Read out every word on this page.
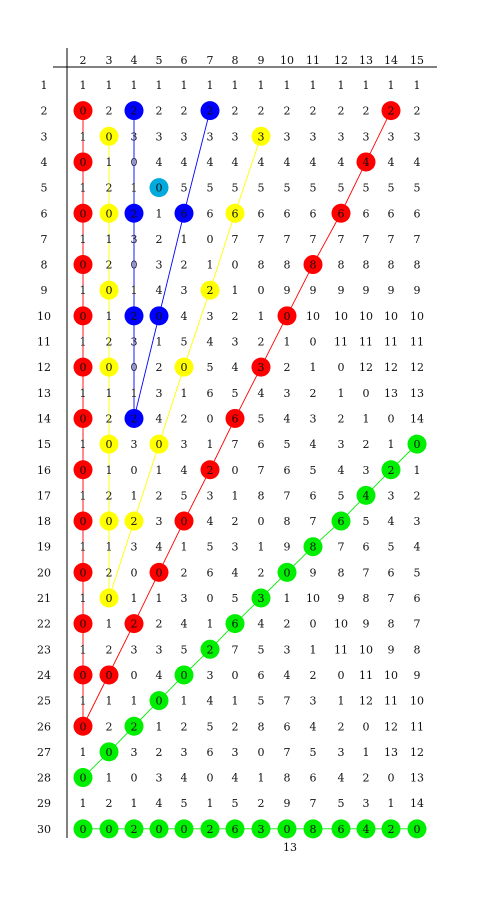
2 3 4 5 6 7 8 9 10 11 12 13 14 15
1	1 1 1 1 1 1 1 1 1 1 1 1 1 1
2	0 2 2 2 2 2 2 2 2 2 2 2 2 2
3	1 0 3 3 3 3 3 3 3 3 3 3 3 3
4	0 1 0 4 4 4 4 4 4 4 4 4 4 4
5	1 2 1 0 5 5 5 5 5 5 5 5 5 5
6	0 0 2 1 6 6 6 6 6 6 6 6 6 6
7	1 1 3 2 1 0 7 7 7 7 7 7 7 7
8	0 2 0 3 2 1 0 8 8 8 8 8 8 8
9	1 0 1 4 3 2 1 0 9 9 9 9 9 9
10	0 1 2 0 4 3 2 1 0 10 10 10 10 10
11	1 2 3 1 5 4 3 2 1 0 11 11 11 11
12	0 0 0 2 0 5 4 3 2 1 0 12 12 12
13	1 1 1 3 1 6 5 4 3 2 1 0 13 13
14	0 2 2 4 2 0 6 5 4 3 2 1 0 14
15	1 0 3 0 3 1 7 6 5 4 3 2 1 0
16	0 1 0 1 4 2 0 7 6 5 4 3 2 1
17	1 2 1 2 5 3 1 8 7 6 5 4 3 2
18	0 0 2 3 0 4 2 0 8 7 6 5 4 3
19	1 1 3 4 1 5 3 1 9 8 7 6 5 4
20	0 2 0 0 2 6 4 2 0 9 8 7 6 5
21	1 0 1 1 3 0 5 3 1 10 9 8 7 6
22	0 1 2 2 4 1 6 4 2 0 10 9 8 7
23	1 2 3 3 5 2 7 5 3 1 11 10 9 8
24	0 0 0 4 0 3 0 6 4 2 0 11 10 9
25	1 1 1 0 1 4 1 5 7 3 1 12 11 10
26	0 2 2 1 2 5 2 8 6 4 2 0 12 11
27	1 0 3 2 3 6 3 0 7 5 3 1 13 12
28	0 1 0 3 4 0 4 1 8 6 4 2 0 13
29	1 2 1 4 5 1 5 2 9 7 5 3 1 14
30	0 0 2 0 0 2 6 3 0 8 6 4 2 0
13
